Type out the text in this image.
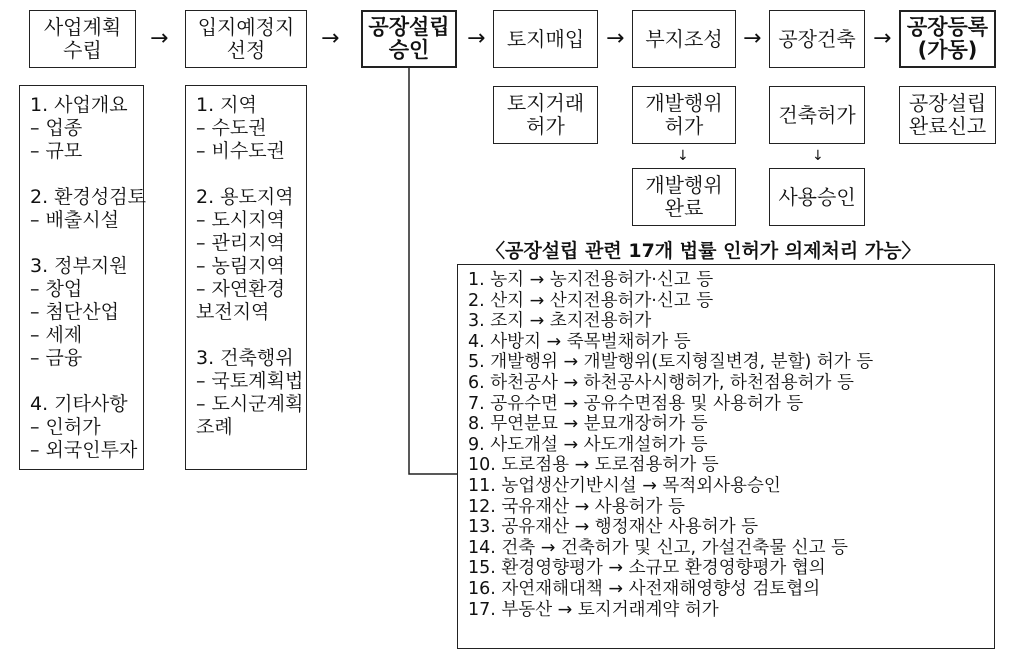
사업계획
수립 → 입지예정지
선정	→ 공장설립
승인 → 토지매입 → 부지조성 → 공장건축 → 공장등록
(가동)
토지거래
허가
개발행위
허가
↓
개발행위
완료
건축허가
↓
사용승인
공장설립
완료신고
1. 사업개요
– 업종
– 규모
2. 환경성검토
– 배출시설
3. 정부지원
– 창업
– 첨단산업
– 세제
– 금융
4. 기타사항
– 인허가
– 외국인투자
1. 지역
– 수도권
– 비수도권
2. 용도지역
– 도시지역
– 관리지역
– 농림지역
– 자연환경
보전지역
3. 건축행위
– 국토계획법
– 도시군계획
조례
〈공장설립 관련 17개 법률 인허가 의제처리 가능〉
1. 농지 → 농지전용허가·신고 등
2. 산지 → 산지전용허가·신고 등
3. 조지 → 초지전용허가
4. 사방지 → 죽목벌채허가 등
5. 개발행위 → 개발행위(토지형질변경, 분할) 허가 등
6. 하천공사 → 하천공사시행허가, 하천점용허가 등
7. 공유수면 → 공유수면점용 및 사용허가 등
8. 무연분묘 → 분묘개장허가 등
9. 사도개설 → 사도개설허가 등
10. 도로점용 → 도로점용허가 등
11. 농업생산기반시설 → 목적외사용승인
12. 국유재산 → 사용허가 등
13. 공유재산 → 행정재산 사용허가 등
14. 건축 → 건축허가 및 신고, 가설건축물 신고 등
15. 환경영향평가 → 소규모 환경영향평가 협의
16. 자연재해대책 → 사전재해영향성 검토협의
17. 부동산 → 토지거래계약 허가
